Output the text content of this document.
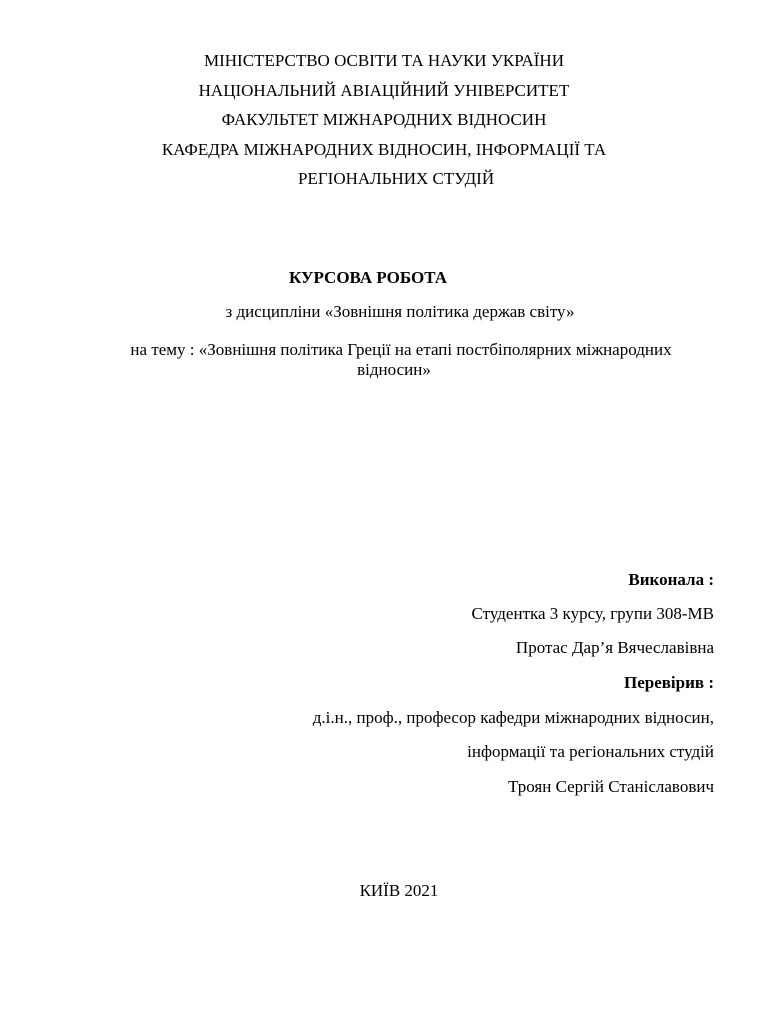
МІНІСТЕРСТВО ОСВІТИ ТА НАУКИ УКРАЇНИ
НАЦІОНАЛЬНИЙ АВІАЦІЙНИЙ УНІВЕРСИТЕТ
ФАКУЛЬТЕТ МІЖНАРОДНИХ ВІДНОСИН
КАФЕДРА МІЖНАРОДНИХ ВІДНОСИН, ІНФОРМАЦІЇ ТА
РЕГІОНАЛЬНИХ СТУДІЙ
КУРСОВА РОБОТА
з дисципліни «Зовнішня політика держав світу»
на тему : «Зовнішня політика Греції на етапі постбіполярних міжнародних
відносин»
Виконала :
Студентка 3 курсу, групи 308-МВ
Протас Дар’я Вячеславівна
Перевірив :
д.і.н., проф., професор кафедри міжнародних відносин,
інформації та регіональних студій
Троян Сергій Станіславович
КИЇВ 2021
